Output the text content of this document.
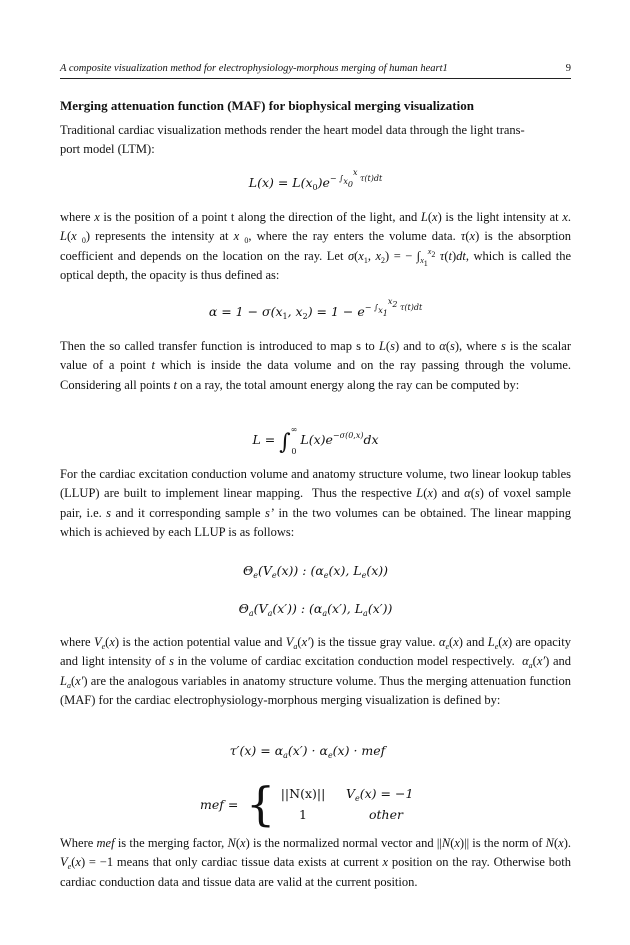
A composite visualization method for electrophysiology-morphous merging of human heart1	9
Merging attenuation function (MAF) for biophysical merging visualization

Traditional cardiac visualization methods render the heart model data through the light trans-
port model (LTM):

$L(x) = L(x_0)e^{- \int_{x_0}^x \tau(t)dt}$

where x is the position of a point t along the direction of the light, and L(x) is the light intensity at x. L(x $_0$) represents the intensity at x $_0$, where the ray enters the volume data. τ(x) is the absorption coefficient and depends on the location on the ray. Let $\sigma(x_1$, $x_2$) = − $\int_{x_1}^{x_2}$ τ(t)dt, which is called the optical depth, the opacity is thus defined as:

$\alpha = 1 - \sigma(x_1$, $x_2) = 1 - e^{- \int_{x_1}^{x_2} \tau(t)dt}$

Then the so called transfer function is introduced to map s to L(s) and to α(s), where s is the scalar value of a point t which is inside the data volume and on the ray passing through the volume. Considering all points t on a ray, the total amount energy along the ray can be computed by:

$L = \int^\infty_0$ $L(x)e^{-\sigma(0,x)}dx$

For the cardiac excitation conduction volume and anatomy structure volume, two linear lookup tables (LLUP) are built to implement linear mapping.  Thus the respective L(x) and α(s) of voxel sample pair, i.e. s and it corresponding sample s’ in the two volumes can be obtained. The linear mapping which is achieved by each LLUP is as follows:

$\Theta_e(V_e(x))$ : ($\alpha_e(x)$, $L_e(x)$)

$\Theta_a(V_a(x'))$ : ($\alpha_a(x')$, $L_a(x')$)

where $V_e(x)$ is the action potential value and $V_a(x')$ is the tissue gray value. $\alpha_e(x)$ and $L_e(x)$ are opacity and light intensity of s in the volume of cardiac excitation conduction model respectively.  $\alpha_a(x')$ and $L_a(x')$ are the analogous variables in anatomy structure volume. Thus the merging attenuation function (MAF) for the cardiac electrophysiology-morphous merging visualization is defined by:

$\tau'(x) = \alpha_a(x') \cdot \alpha_e(x)$ · mef

mef = { ||N(x)|| $V_e(x) = -1$
1	other

Where mef is the merging factor, N(x) is the normalized normal vector and ||N(x)|| is the norm of N(x). $V_e(x) = -1$ means that only cardiac tissue data exists at current x position on the ray. Otherwise both cardiac conduction data and tissue data are valid at the current position.
